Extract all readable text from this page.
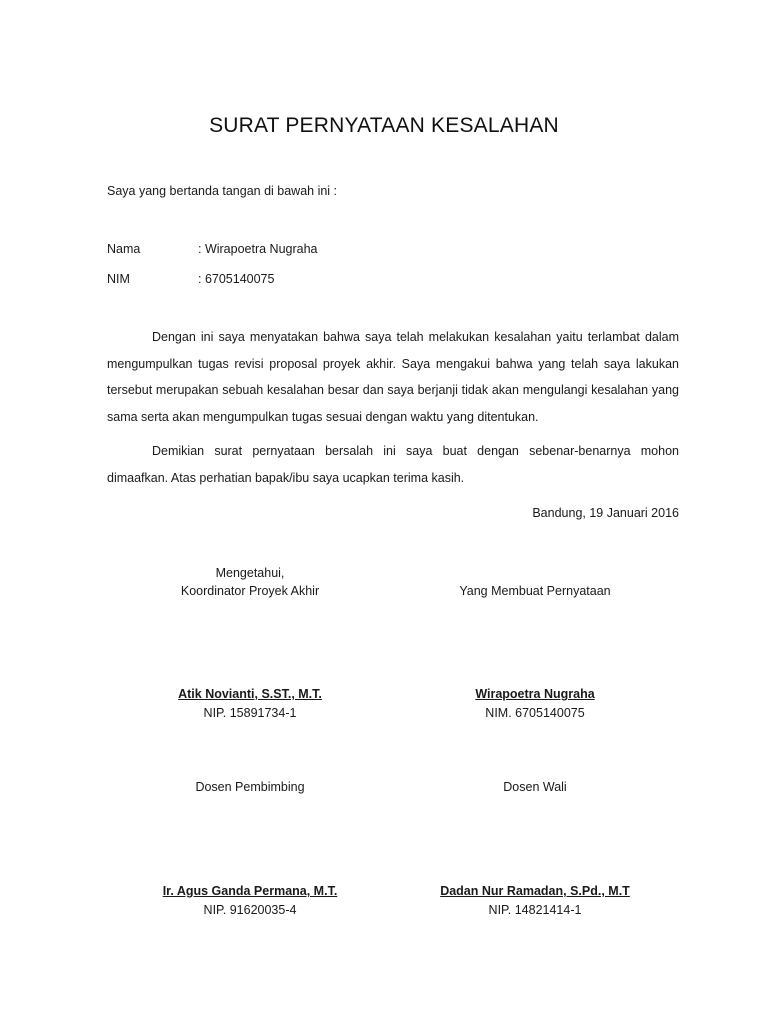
SURAT PERNYATAAN KESALAHAN
Saya yang bertanda tangan di bawah ini :
Nama	: Wirapoetra Nugraha
NIM	: 6705140075
Dengan ini saya menyatakan bahwa saya telah melakukan kesalahan yaitu terlambat dalam mengumpulkan tugas revisi proposal proyek akhir. Saya mengakui bahwa yang telah saya lakukan tersebut merupakan sebuah kesalahan besar dan saya berjanji tidak akan mengulangi kesalahan yang sama serta akan mengumpulkan tugas sesuai dengan waktu yang ditentukan.
Demikian surat pernyataan bersalah ini saya buat dengan sebenar-benarnya mohon dimaafkan. Atas perhatian bapak/ibu saya ucapkan terima kasih.
Bandung, 19 Januari 2016
Mengetahui,
Koordinator Proyek Akhir
Atik Novianti, S.ST., M.T.
NIP. 15891734-1
Yang Membuat Pernyataan
Wirapoetra Nugraha
NIM. 6705140075
Dosen Pembimbing
Ir. Agus Ganda Permana, M.T.
NIP. 91620035-4
Dosen Wali
Dadan Nur Ramadan, S.Pd., M.T
NIP. 14821414-1
